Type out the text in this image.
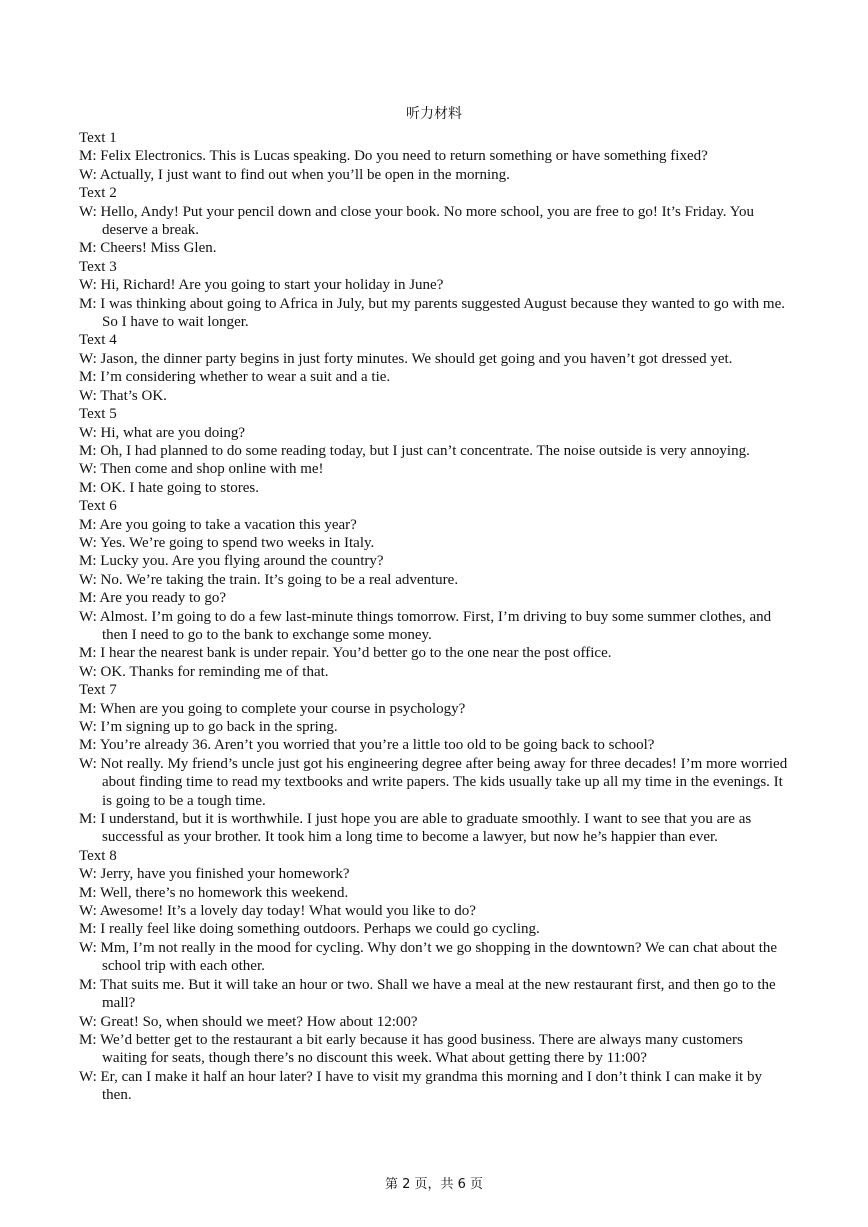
听力材料
Text 1
M: Felix Electronics. This is Lucas speaking. Do you need to return something or have something fixed?
W: Actually, I just want to find out when you’ll be open in the morning.
Text 2
W: Hello, Andy! Put your pencil down and close your book. No more school, you are free to go! It’s Friday. You deserve a break.
M: Cheers! Miss Glen.
Text 3
W: Hi, Richard! Are you going to start your holiday in June?
M: I was thinking about going to Africa in July, but my parents suggested August because they wanted to go with me. So I have to wait longer.
Text 4
W: Jason, the dinner party begins in just forty minutes. We should get going and you haven’t got dressed yet.
M: I’m considering whether to wear a suit and a tie.
W: That’s OK.
Text 5
W: Hi, what are you doing?
M: Oh, I had planned to do some reading today, but I just can’t concentrate. The noise outside is very annoying.
W: Then come and shop online with me!
M: OK. I hate going to stores.
Text 6
M: Are you going to take a vacation this year?
W: Yes. We’re going to spend two weeks in Italy.
M: Lucky you. Are you flying around the country?
W: No. We’re taking the train. It’s going to be a real adventure.
M: Are you ready to go?
W: Almost. I’m going to do a few last-minute things tomorrow. First, I’m driving to buy some summer clothes, and then I need to go to the bank to exchange some money.
M: I hear the nearest bank is under repair. You’d better go to the one near the post office.
W: OK. Thanks for reminding me of that.
Text 7
M: When are you going to complete your course in psychology?
W: I’m signing up to go back in the spring.
M: You’re already 36. Aren’t you worried that you’re a little too old to be going back to school?
W: Not really. My friend’s uncle just got his engineering degree after being away for three decades! I’m more worried about finding time to read my textbooks and write papers. The kids usually take up all my time in the evenings. It is going to be a tough time.
M: I understand, but it is worthwhile. I just hope you are able to graduate smoothly. I want to see that you are as successful as your brother. It took him a long time to become a lawyer, but now he’s happier than ever.
Text 8
W: Jerry, have you finished your homework?
M: Well, there’s no homework this weekend.
W: Awesome! It’s a lovely day today! What would you like to do?
M: I really feel like doing something outdoors. Perhaps we could go cycling.
W: Mm, I’m not really in the mood for cycling. Why don’t we go shopping in the downtown? We can chat about the school trip with each other.
M: That suits me. But it will take an hour or two. Shall we have a meal at the new restaurant first, and then go to the mall?
W: Great! So, when should we meet? How about 12:00?
M: We’d better get to the restaurant a bit early because it has good business. There are always many customers waiting for seats, though there’s no discount this week. What about getting there by 11:00?
W: Er, can I make it half an hour later? I have to visit my grandma this morning and I don’t think I can make it by then.
第 2 页，共 6 页
